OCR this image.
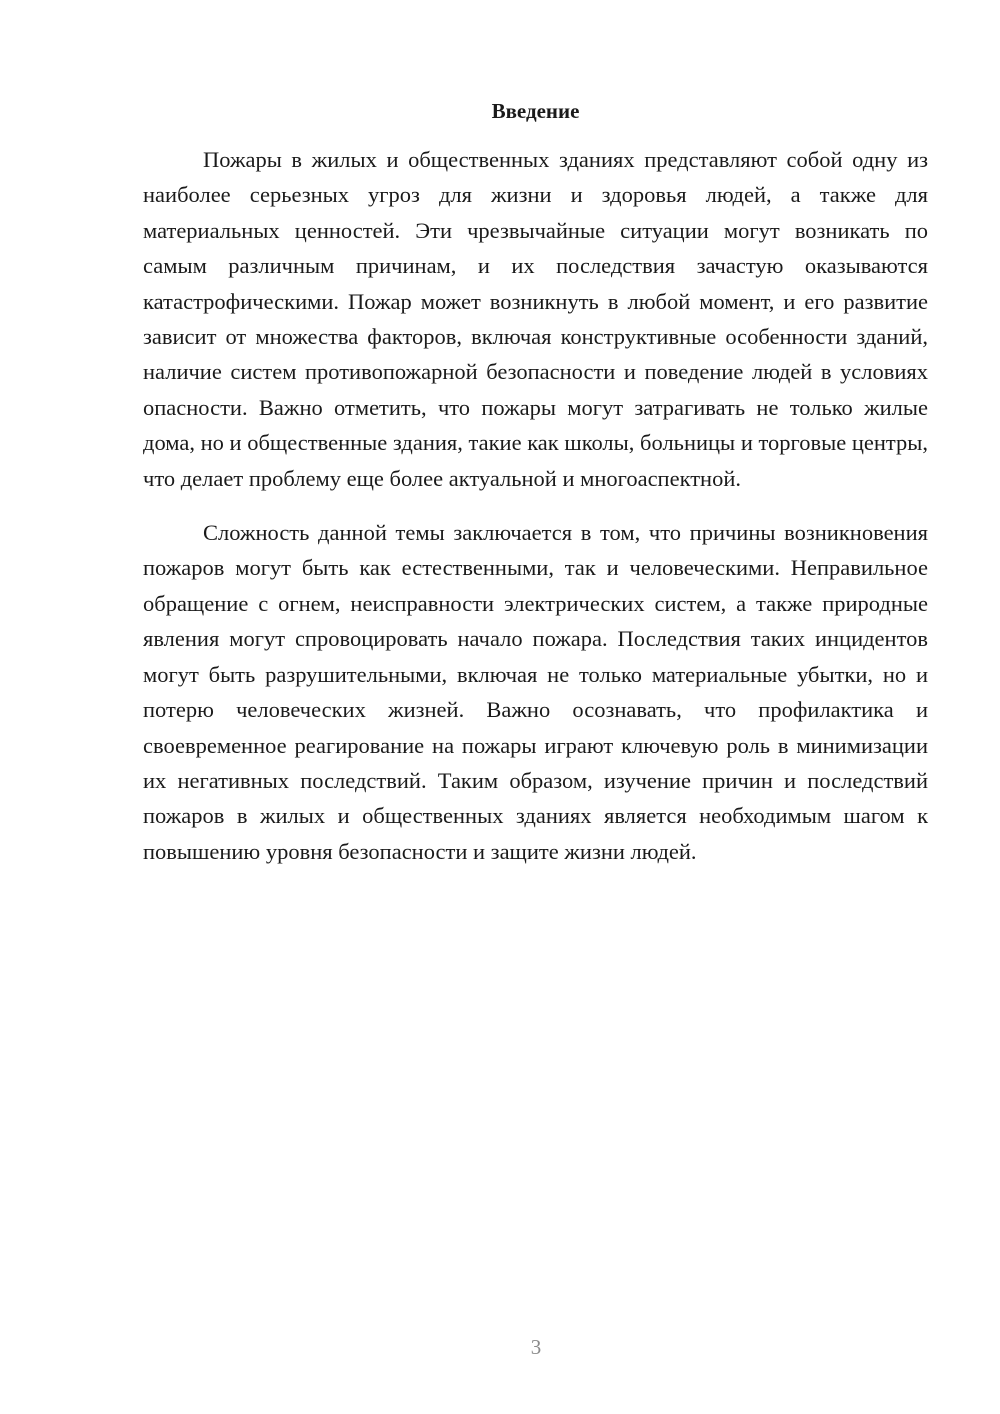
Введение

Пожары в жилых и общественных зданиях представляют собой одну из наиболее серьезных угроз для жизни и здоровья людей, а также для материальных ценностей. Эти чрезвычайные ситуации могут возникать по самым различным причинам, и их последствия зачастую оказываются катастрофическими. Пожар может возникнуть в любой момент, и его развитие зависит от множества факторов, включая конструктивные особенности зданий, наличие систем противопожарной безопасности и поведение людей в условиях опасности. Важно отметить, что пожары могут затрагивать не только жилые дома, но и общественные здания, такие как школы, больницы и торговые центры, что делает проблему еще более актуальной и многоаспектной.

Сложность данной темы заключается в том, что причины возникновения пожаров могут быть как естественными, так и человеческими. Неправильное обращение с огнем, неисправности электрических систем, а также природные явления могут спровоцировать начало пожара. Последствия таких инцидентов могут быть разрушительными, включая не только материальные убытки, но и потерю человеческих жизней. Важно осознавать, что профилактика и своевременное реагирование на пожары играют ключевую роль в минимизации их негативных последствий. Таким образом, изучение причин и последствий пожаров в жилых и общественных зданиях является необходимым шагом к повышению уровня безопасности и защите жизни людей.

3
